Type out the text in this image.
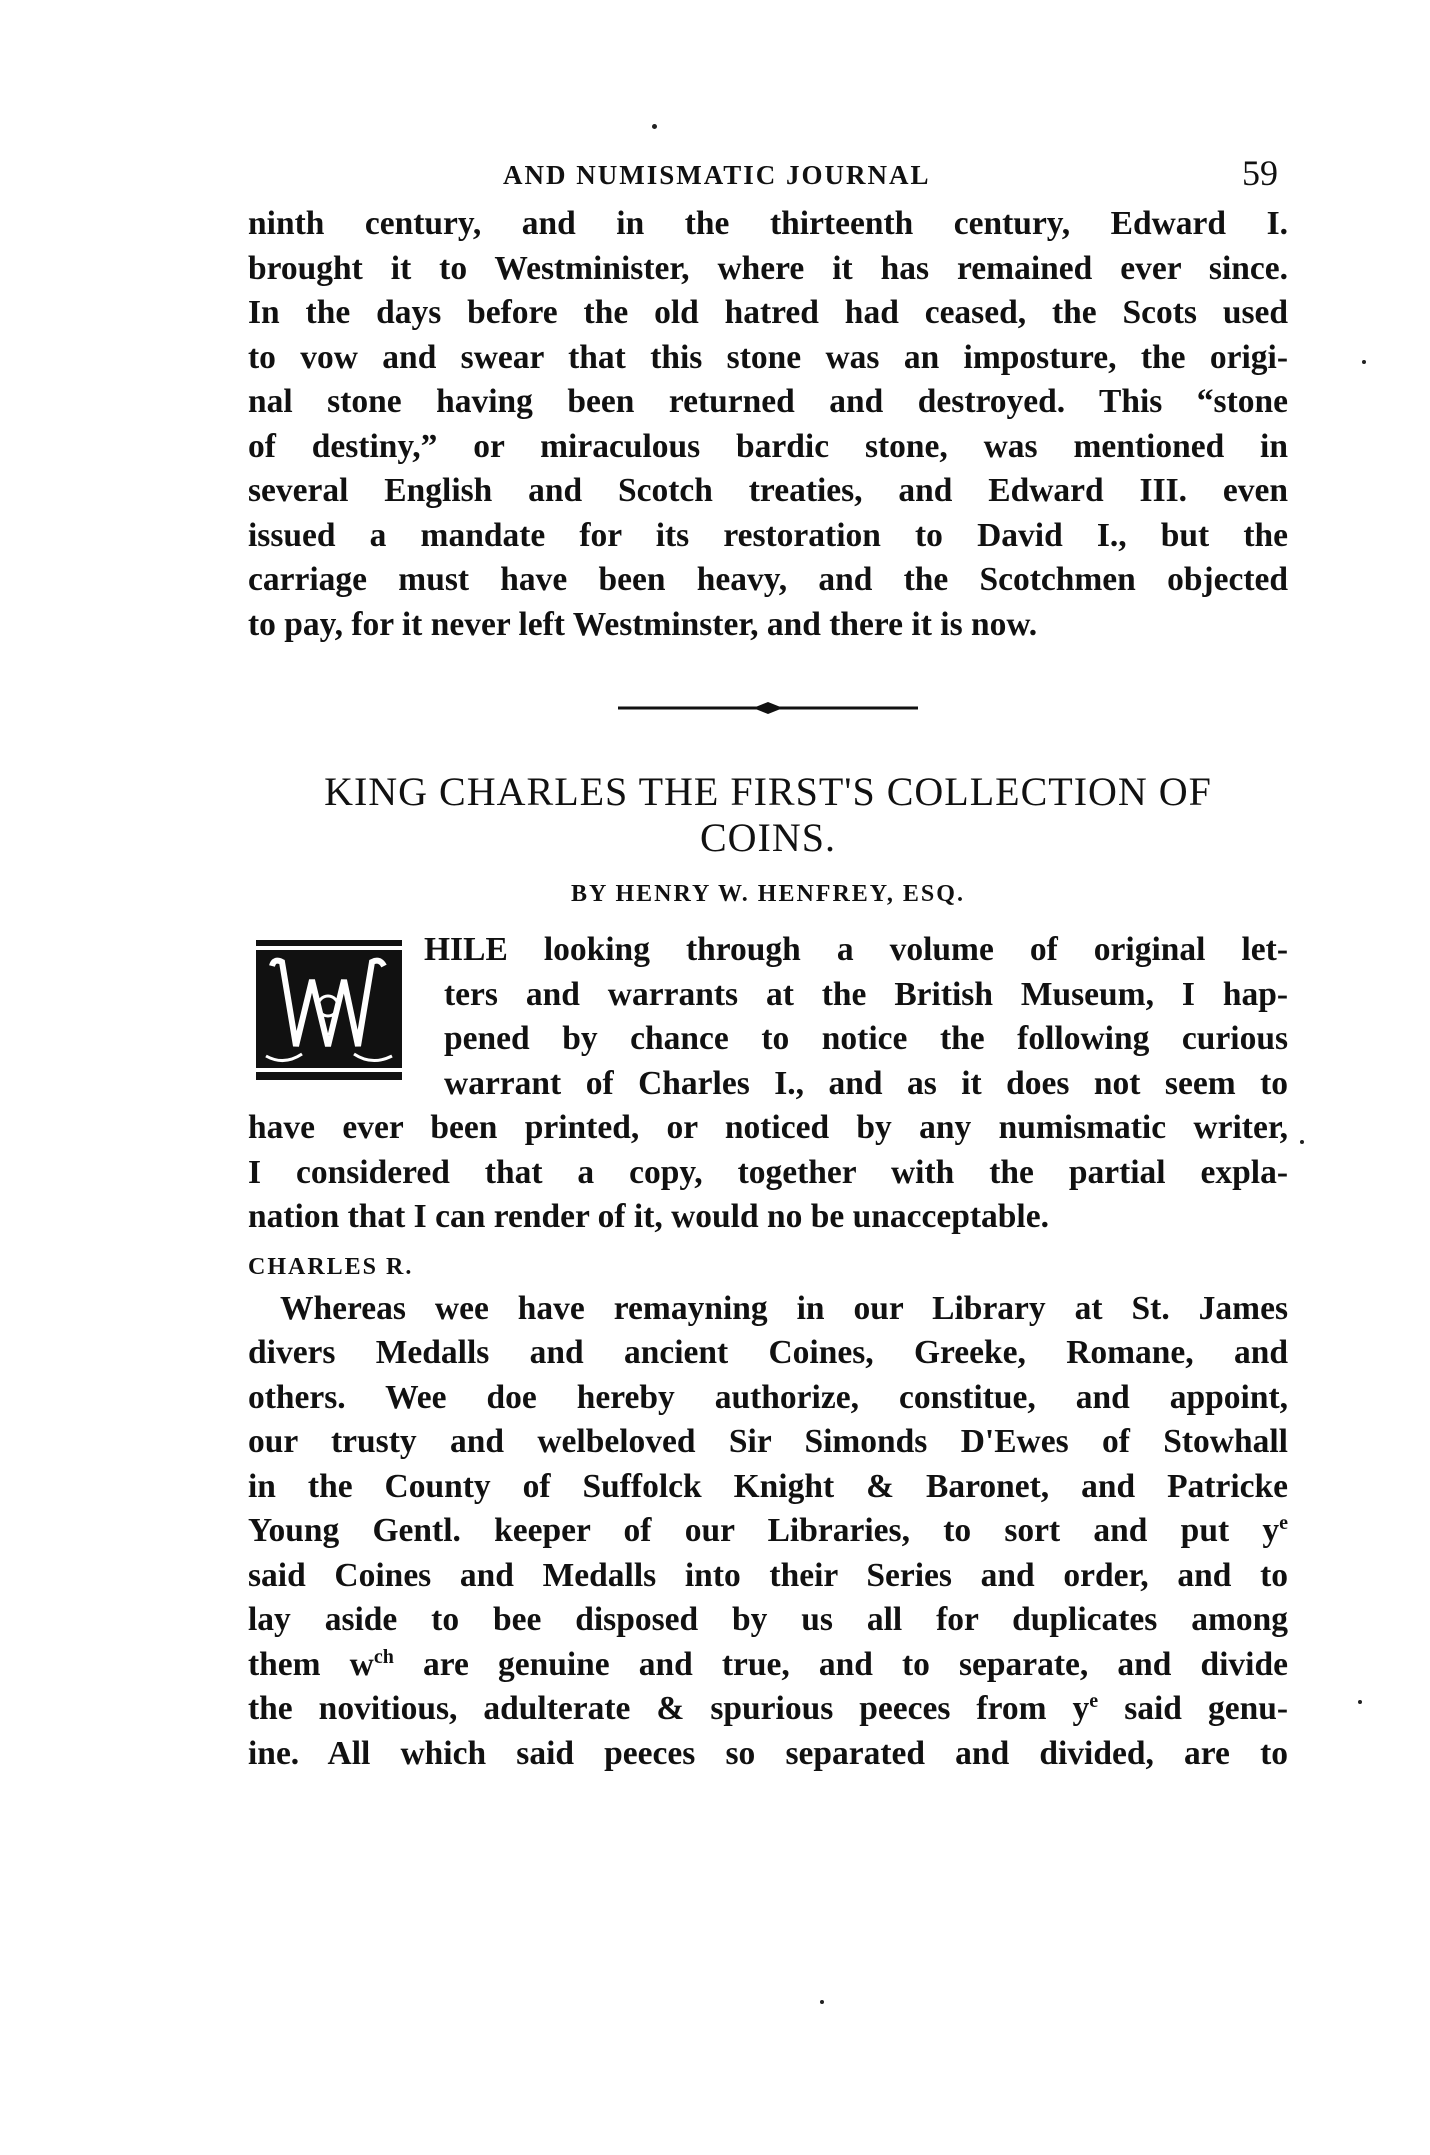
AND NUMISMATIC JOURNAL	59

ninth century, and in the thirteenth century, Edward I.
brought it to Westminister, where it has remained ever since.
In the days before the old hatred had ceased, the Scots used
to vow and swear that this stone was an imposture, the origi-
nal stone having been returned and destroyed. This “stone
of destiny,” or miraculous bardic stone, was mentioned in
several English and Scotch treaties, and Edward III. even
issued a mandate for its restoration to David I., but the
carriage must have been heavy, and the Scotchmen objected
to pay, for it never left Westminster, and there it is now.

KING CHARLES THE FIRST'S COLLECTION OF
COINS.
BY HENRY W. HENFREY, ESQ.
W

HILE looking through a volume of original let-
ters and warrants at the British Museum, I hap-
pened by chance to notice the following curious
warrant of Charles I., and as it does not seem to
have ever been printed, or noticed by any numismatic writer,
I considered that a copy, together with the partial expla-
nation that I can render of it, would no be unacceptable.

CHARLES R.

Whereas wee have remayning in our Library at St. James
divers Medalls and ancient Coines, Greeke, Romane, and
others. Wee doe hereby authorize, constitue, and appoint,
our trusty and welbeloved Sir Simonds D'Ewes of Stowhall
in the County of Suffolck Knight & Baronet, and Patricke
Young Gentl. keeper of our Libraries, to sort and put $y^e$
said Coines and Medalls into their Series and order, and to
lay aside to bee disposed by us all for duplicates among
them $w^{ch}$ are genuine and true, and to separate, and divide
the novitious, adulterate & spurious peeces from $y^e$ said genu-
ine. All which said peeces so separated and divided, are to
